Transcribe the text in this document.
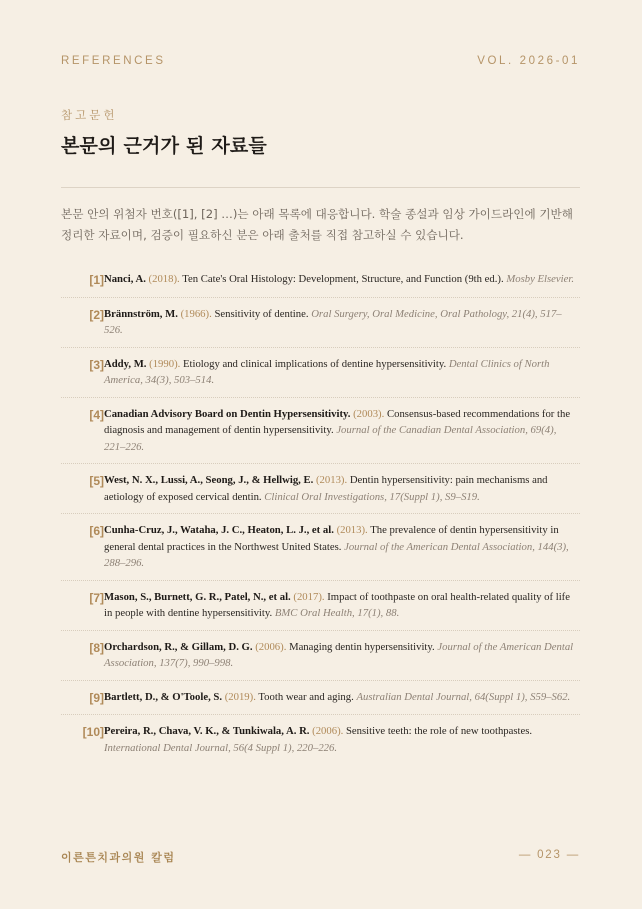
REFERENCES	VOL. 2026-01
참고문헌
본문의 근거가 된 자료들

본문 안의 위첨자 번호([1], [2] …)는 아래 목록에 대응합니다. 학술 종설과 임상 가이드라인에 기반해 정리한 자료이며, 검증이 필요하신 분은 아래 출처를 직접 참고하실 수 있습니다.

[1] Nanci, A. (2018). Ten Cate's Oral Histology: Development, Structure, and Function (9th ed.). Mosby Elsevier.
[2] Brännström, M. (1966). Sensitivity of dentine. Oral Surgery, Oral Medicine, Oral Pathology, 21(4), 517–526.
[3] Addy, M. (1990). Etiology and clinical implications of dentine hypersensitivity. Dental Clinics of North America, 34(3), 503–514.
[4] Canadian Advisory Board on Dentin Hypersensitivity. (2003). Consensus-based recommendations for the diagnosis and management of dentin hypersensitivity. Journal of the Canadian Dental Association, 69(4), 221–226.
[5] West, N. X., Lussi, A., Seong, J., & Hellwig, E. (2013). Dentin hypersensitivity: pain mechanisms and aetiology of exposed cervical dentin. Clinical Oral Investigations, 17(Suppl 1), S9–S19.
[6] Cunha-Cruz, J., Wataha, J. C., Heaton, L. J., et al. (2013). The prevalence of dentin hypersensitivity in general dental practices in the Northwest United States. Journal of the American Dental Association, 144(3), 288–296.
[7] Mason, S., Burnett, G. R., Patel, N., et al. (2017). Impact of toothpaste on oral health-related quality of life in people with dentine hypersensitivity. BMC Oral Health, 17(1), 88.
[8] Orchardson, R., & Gillam, D. G. (2006). Managing dentin hypersensitivity. Journal of the American Dental Association, 137(7), 990–998.
[9] Bartlett, D., & O'Toole, S. (2019). Tooth wear and aging. Australian Dental Journal, 64(Suppl 1), S59–S62.
[10] Pereira, R., Chava, V. K., & Tunkiwala, A. R. (2006). Sensitive teeth: the role of new toothpastes. International Dental Journal, 56(4 Suppl 1), 220–226.
이른튼치과의원 칼럼	— 023 —
